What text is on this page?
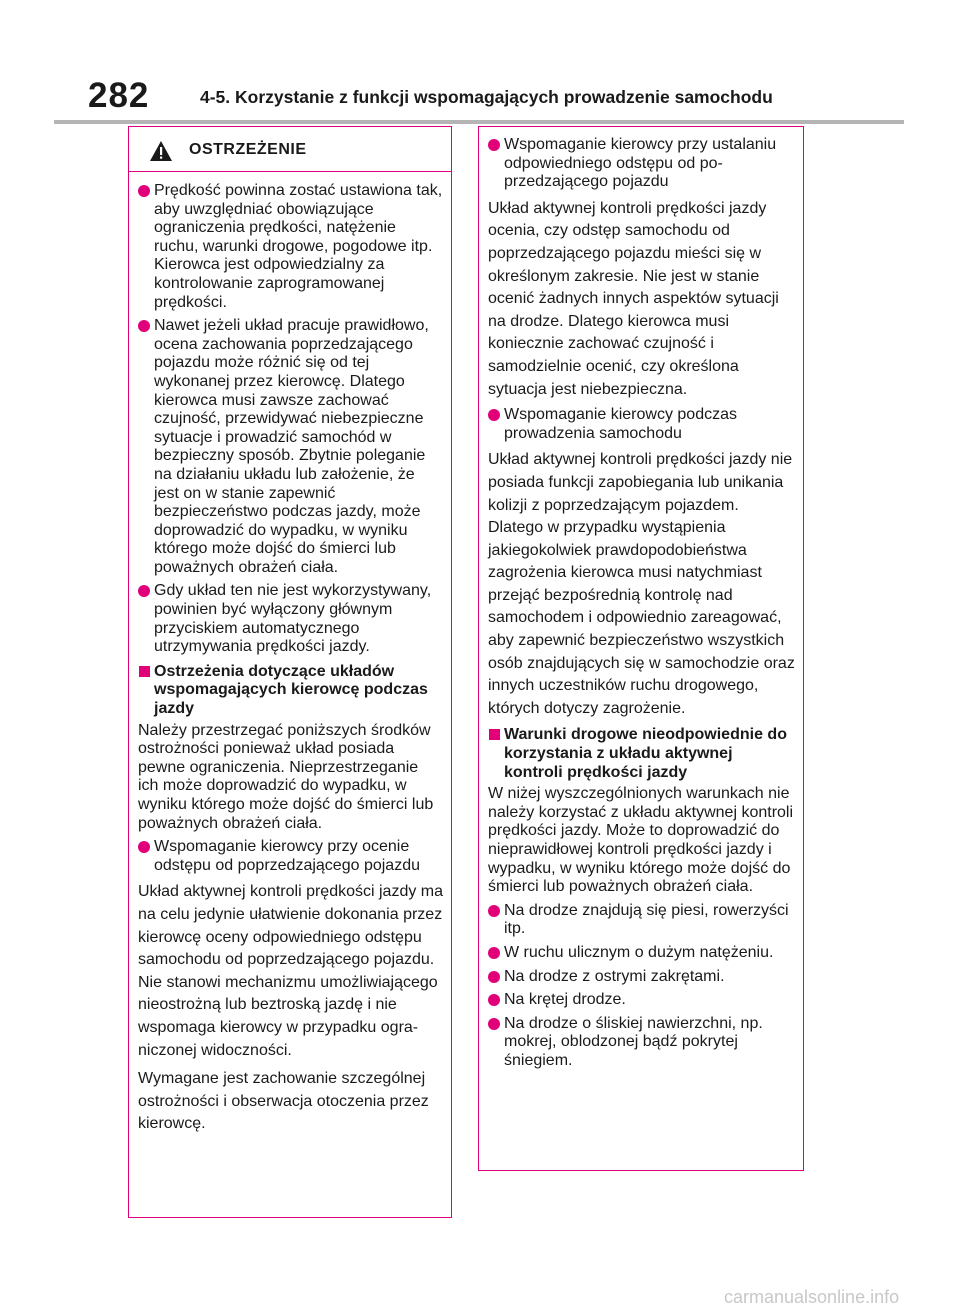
282	4-5. Korzystanie z funkcji wspomagających prowadzenie samochodu
OSTRZEŻENIE
Prędkość powinna zostać ustawiona tak, aby uwzględniać obowiązujące ograniczenia prędkości, natężenie ruchu, warunki drogowe, pogodowe itp. Kierowca jest odpowiedzialny za kontrolowanie zaprogramowanej prędkości.
Nawet jeżeli układ pracuje prawidłowo, ocena zachowania poprzedzającego pojazdu może różnić się od tej wykonanej przez kierowcę. Dlatego kierowca musi zawsze zachować czujność, przewidywać niebezpieczne sytuacje i prowadzić samochód w bezpieczny sposób. Zbytnie poleganie na działaniu układu lub założenie, że jest on w stanie zapewnić bezpieczeństwo podczas jazdy, może doprowadzić do wypadku, w wyniku którego może dojść do śmierci lub poważnych obrażeń ciała.
Gdy układ ten nie jest wykorzystywany, powinien być wyłączony głównym przyciskiem automatycznego utrzymywania prędkości jazdy.
Ostrzeżenia dotyczące układów wspomagających kierowcę podczas jazdy
Należy przestrzegać poniższych środków ostrożności ponieważ układ posiada pewne ograniczenia. Nieprzestrzeganie ich może doprowadzić do wypadku, w wyniku którego może dojść do śmierci lub poważnych obrażeń ciała.
Wspomaganie kierowcy przy ocenie odstępu od poprzedzającego pojazdu
Układ aktywnej kontroli prędkości jazdy ma na celu jedynie ułatwienie dokonania przez kierowcę oceny odpowiedniego odstępu samochodu od poprzedzającego pojazdu. Nie stanowi mechanizmu umożliwiającego nieostrożną lub beztroską jazdę i nie wspomaga kierowcy w przypadku ograniczonej widoczności.
Wymagane jest zachowanie szczególnej ostrożności i obserwacja otoczenia przez kierowcę.
Wspomaganie kierowcy przy ustalaniu odpowiedniego odstępu od poprzedzającego pojazdu
Układ aktywnej kontroli prędkości jazdy ocenia, czy odstęp samochodu od poprzedzającego pojazdu mieści się w określonym zakresie. Nie jest w stanie ocenić żadnych innych aspektów sytuacji na drodze. Dlatego kierowca musi koniecznie zachować czujność i samodzielnie ocenić, czy określona sytuacja jest niebezpieczna.
Wspomaganie kierowcy podczas prowadzenia samochodu
Układ aktywnej kontroli prędkości jazdy nie posiada funkcji zapobiegania lub unikania kolizji z poprzedzającym pojazdem. Dlatego w przypadku wystąpienia jakiegokolwiek prawdopodobieństwa zagrożenia kierowca musi natychmiast przejąć bezpośrednią kontrolę nad samochodem i odpowiednio zareagować, aby zapewnić bezpieczeństwo wszystkich osób znajdujących się w samochodzie oraz innych uczestników ruchu drogowego, których dotyczy zagrożenie.
Warunki drogowe nieodpowiednie do korzystania z układu aktywnej kontroli prędkości jazdy
W niżej wyszczególnionych warunkach nie należy korzystać z układu aktywnej kontroli prędkości jazdy. Może to doprowadzić do nieprawidłowej kontroli prędkości jazdy i wypadku, w wyniku którego może dojść do śmierci lub poważnych obrażeń ciała.
Na drodze znajdują się piesi, rowerzyści itp.
W ruchu ulicznym o dużym natężeniu.
Na drodze z ostrymi zakrętami.
Na krętej drodze.
Na drodze o śliskiej nawierzchni, np. mokrej, oblodzonej bądź pokrytej śniegiem.
carmanualsonline.info
